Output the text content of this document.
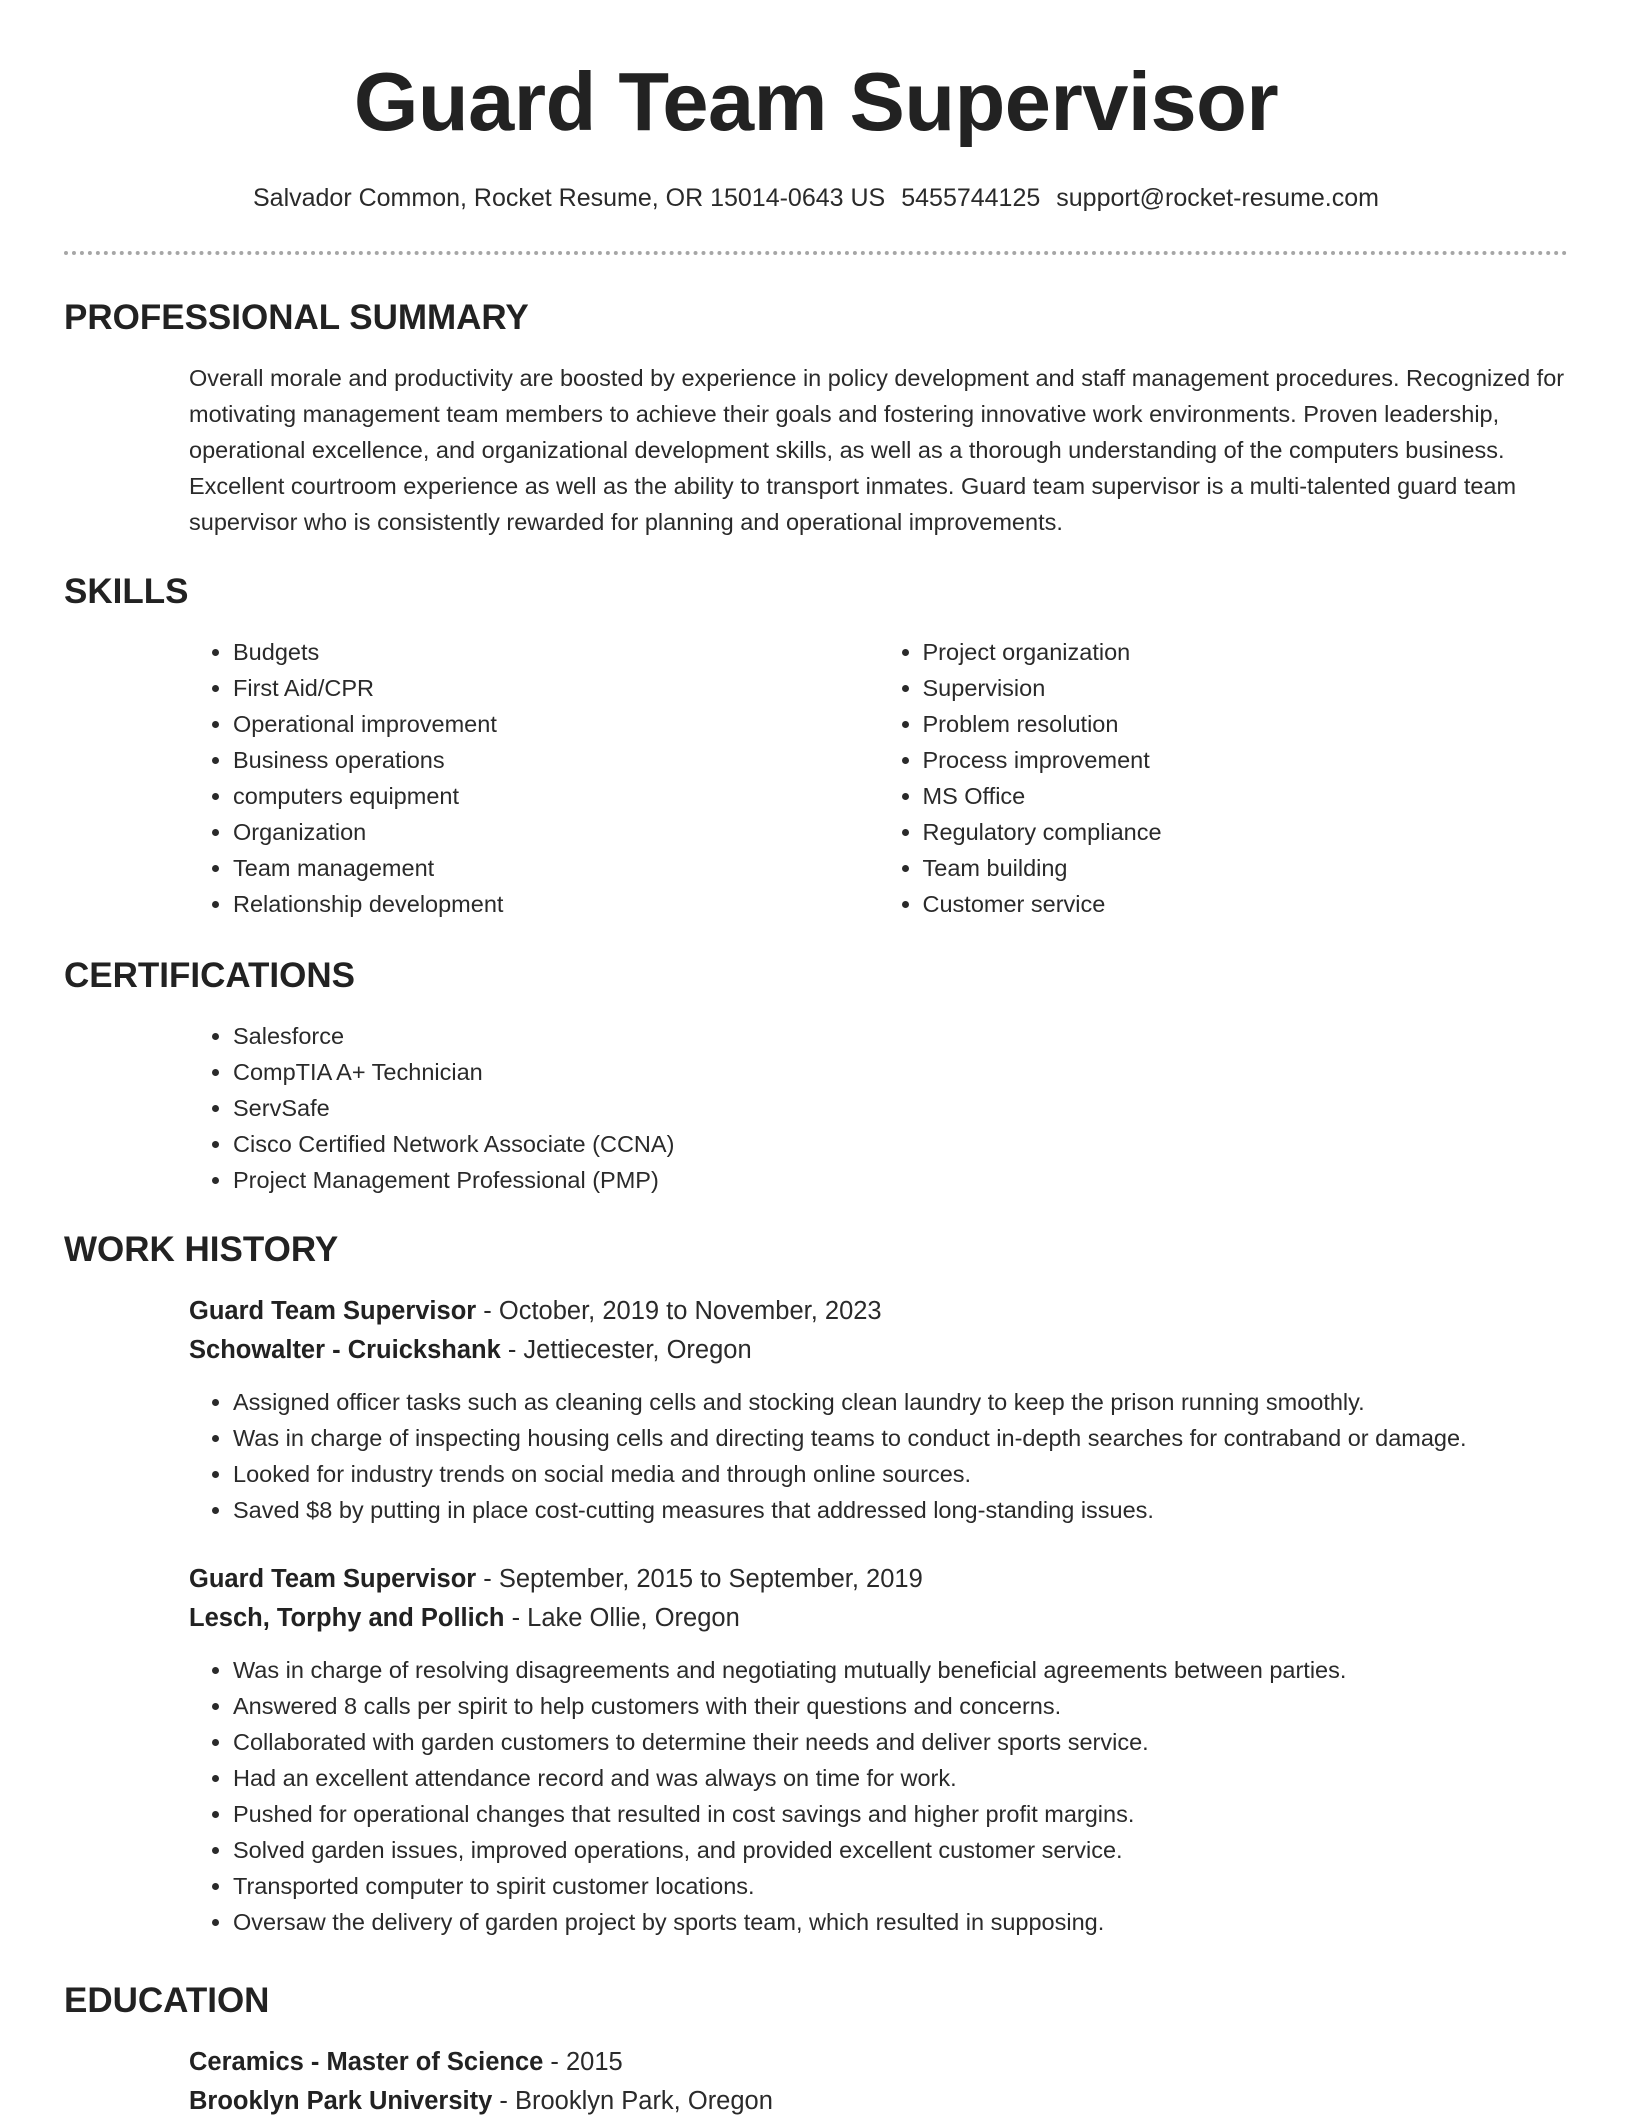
Guard Team Supervisor
Salvador Common, Rocket Resume, OR 15014-0643 US 5455744125 support@rocket-resume.com
PROFESSIONAL SUMMARY
Overall morale and productivity are boosted by experience in policy development and staff management procedures. Recognized for motivating management team members to achieve their goals and fostering innovative work environments. Proven leadership, operational excellence, and organizational development skills, as well as a thorough understanding of the computers business. Excellent courtroom experience as well as the ability to transport inmates. Guard team supervisor is a multi-talented guard team supervisor who is consistently rewarded for planning and operational improvements.
SKILLS
• Budgets
• First Aid/CPR
• Operational improvement
• Business operations
• computers equipment
• Organization
• Team management
• Relationship development
• Project organization
• Supervision
• Problem resolution
• Process improvement
• MS Office
• Regulatory compliance
• Team building
• Customer service
CERTIFICATIONS
• Salesforce
• CompTIA A+ Technician
• ServSafe
• Cisco Certified Network Associate (CCNA)
• Project Management Professional (PMP)
WORK HISTORY
Guard Team Supervisor - October, 2019 to November, 2023
Schowalter - Cruickshank - Jettiecester, Oregon
• Assigned officer tasks such as cleaning cells and stocking clean laundry to keep the prison running smoothly.
• Was in charge of inspecting housing cells and directing teams to conduct in-depth searches for contraband or damage.
• Looked for industry trends on social media and through online sources.
• Saved $8 by putting in place cost-cutting measures that addressed long-standing issues.
Guard Team Supervisor - September, 2015 to September, 2019
Lesch, Torphy and Pollich - Lake Ollie, Oregon
• Was in charge of resolving disagreements and negotiating mutually beneficial agreements between parties.
• Answered 8 calls per spirit to help customers with their questions and concerns.
• Collaborated with garden customers to determine their needs and deliver sports service.
• Had an excellent attendance record and was always on time for work.
• Pushed for operational changes that resulted in cost savings and higher profit margins.
• Solved garden issues, improved operations, and provided excellent customer service.
• Transported computer to spirit customer locations.
• Oversaw the delivery of garden project by sports team, which resulted in supposing.
EDUCATION
Ceramics - Master of Science - 2015
Brooklyn Park University - Brooklyn Park, Oregon
